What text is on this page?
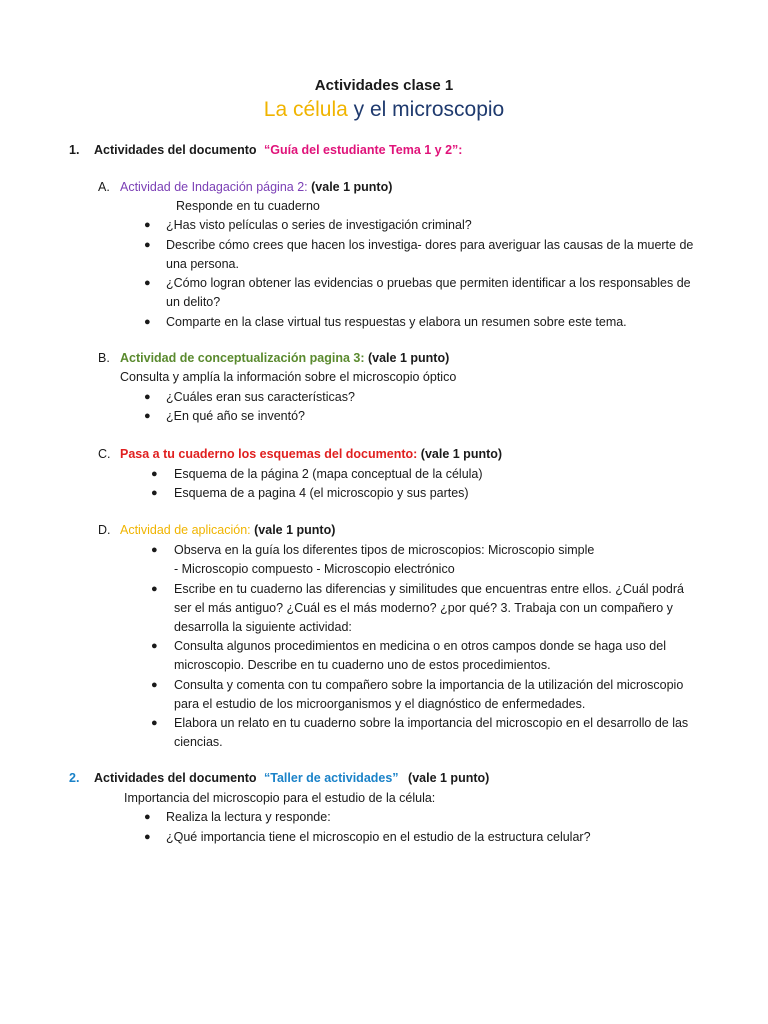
Actividades clase 1
La célula y el microscopio
1. Actividades del documento “Guía del estudiante Tema 1 y 2”:
A. Actividad de Indagación página 2: (vale 1 punto)
Responde en tu cuaderno
● ¿Has visto películas o series de investigación criminal?
● Describe cómo crees que hacen los investiga- dores para averiguar las causas de la muerte de
una persona.
● ¿Cómo logran obtener las evidencias o pruebas que permiten identificar a los responsables de
un delito?
● Comparte en la clase virtual tus respuestas y elabora un resumen sobre este tema.
B. Actividad de conceptualización pagina 3: (vale 1 punto)
Consulta y amplía la información sobre el microscopio óptico
● ¿Cuáles eran sus características?
● ¿En qué año se inventó?
C. Pasa a tu cuaderno los esquemas del documento: (vale 1 punto)
● Esquema de la página 2 (mapa conceptual de la célula)
● Esquema de a pagina 4 (el microscopio y sus partes)
D. Actividad de aplicación: (vale 1 punto)
● Observa en la guía los diferentes tipos de microscopios: Microscopio simple
- Microscopio compuesto - Microscopio electrónico
● Escribe en tu cuaderno las diferencias y similitudes que encuentras entre ellos. ¿Cuál podrá
ser el más antiguo? ¿Cuál es el más moderno? ¿por qué? 3. Trabaja con un compañero y
desarrolla la siguiente actividad:
● Consulta algunos procedimientos en medicina o en otros campos donde se haga uso del
microscopio. Describe en tu cuaderno uno de estos procedimientos.
● Consulta y comenta con tu compañero sobre la importancia de la utilización del microscopio
para el estudio de los microorganismos y el diagnóstico de enfermedades.
● Elabora un relato en tu cuaderno sobre la importancia del microscopio en el desarrollo de las
ciencias.
2. Actividades del documento “Taller de actividades” (vale 1 punto)
Importancia del microscopio para el estudio de la célula:
● Realiza la lectura y responde:
● ¿Qué importancia tiene el microscopio en el estudio de la estructura celular?
